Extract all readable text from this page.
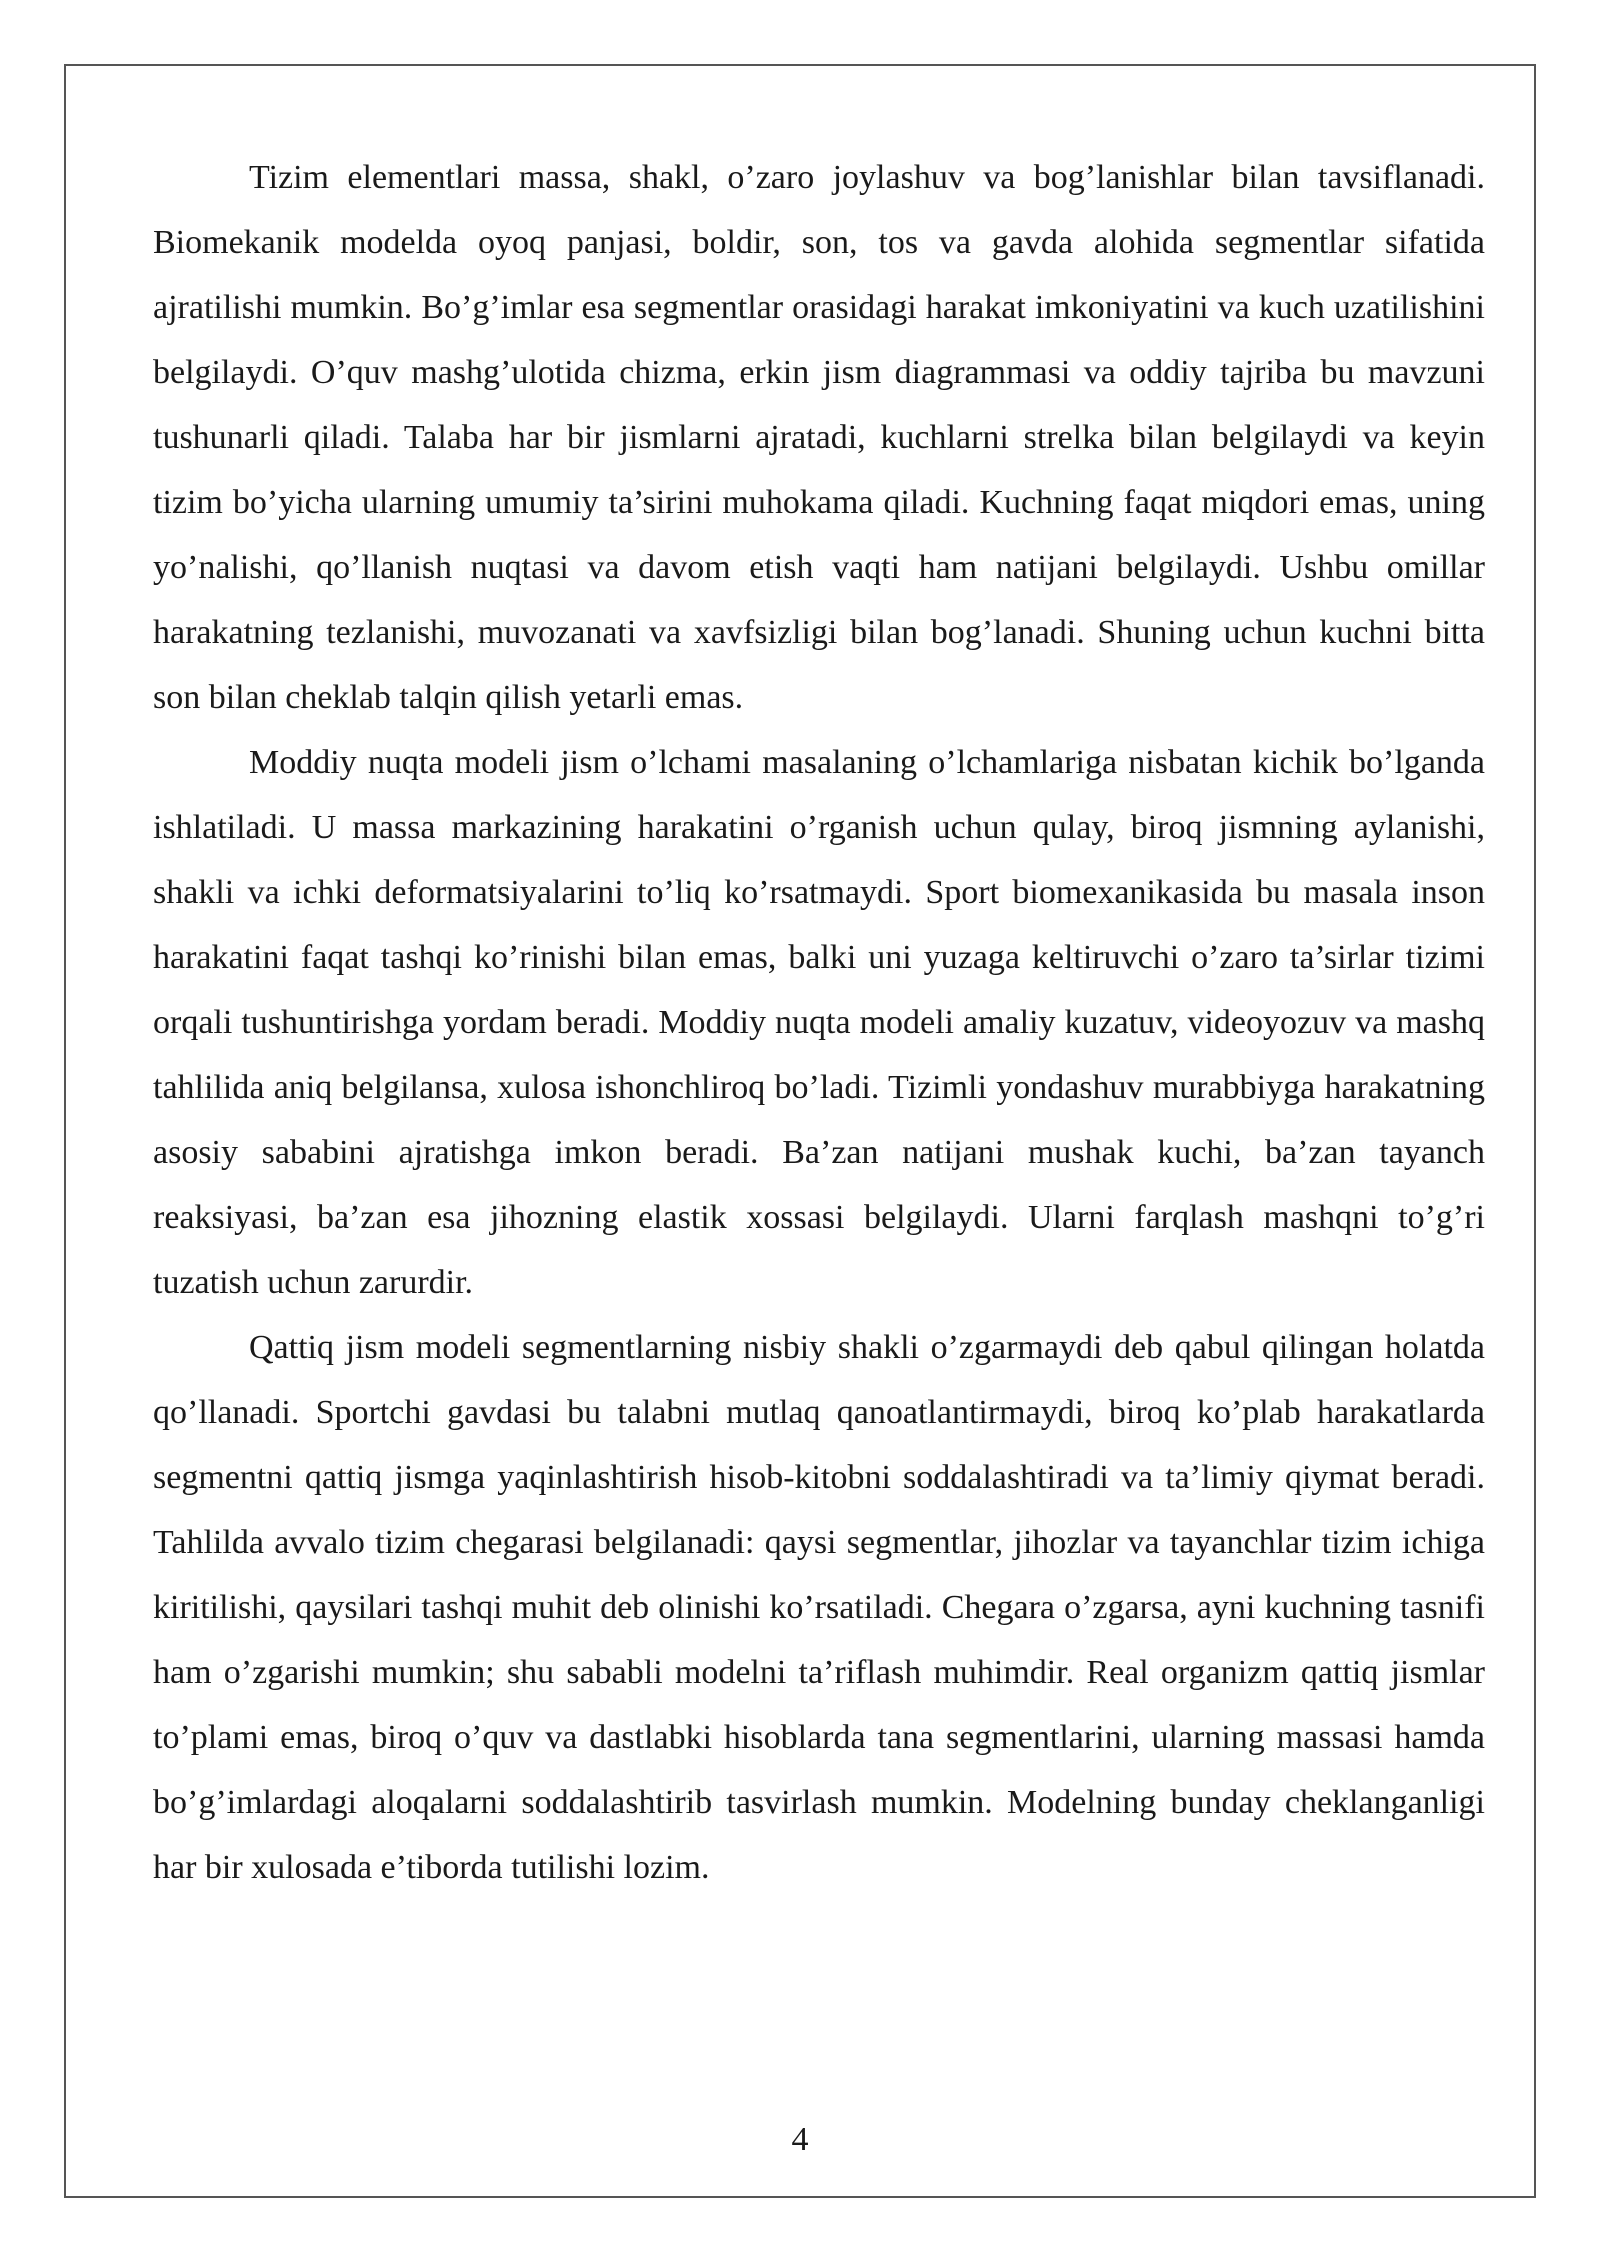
Tizim elementlari massa, shakl, o’zaro joylashuv va bog’lanishlar bilan tavsiflanadi. Biomekanik modelda oyoq panjasi, boldir, son, tos va gavda alohida segmentlar sifatida ajratilishi mumkin. Bo’g’imlar esa segmentlar orasidagi harakat imkoniyatini va kuch uzatilishini belgilaydi. O’quv mashg’ulotida chizma, erkin jism diagrammasi va oddiy tajriba bu mavzuni tushunarli qiladi. Talaba har bir jismlarni ajratadi, kuchlarni strelka bilan belgilaydi va keyin tizim bo’yicha ularning umumiy ta’sirini muhokama qiladi. Kuchning faqat miqdori emas, uning yo’nalishi, qo’llanish nuqtasi va davom etish vaqti ham natijani belgilaydi. Ushbu omillar harakatning tezlanishi, muvozanati va xavfsizligi bilan bog’lanadi. Shuning uchun kuchni bitta son bilan cheklab talqin qilish yetarli emas.

Moddiy nuqta modeli jism o’lchami masalaning o’lchamlariga nisbatan kichik bo’lganda ishlatiladi. U massa markazining harakatini o’rganish uchun qulay, biroq jismning aylanishi, shakli va ichki deformatsiyalarini to’liq ko’rsatmaydi. Sport biomexanikasida bu masala inson harakatini faqat tashqi ko’rinishi bilan emas, balki uni yuzaga keltiruvchi o’zaro ta’sirlar tizimi orqali tushuntirishga yordam beradi. Moddiy nuqta modeli amaliy kuzatuv, videoyozuv va mashq tahlilida aniq belgilansa, xulosa ishonchliroq bo’ladi. Tizimli yondashuv murabbiyga harakatning asosiy sababini ajratishga imkon beradi. Ba’zan natijani mushak kuchi, ba’zan tayanch reaksiyasi, ba’zan esa jihozning elastik xossasi belgilaydi. Ularni farqlash mashqni to’g’ri tuzatish uchun zarurdir.

Qattiq jism modeli segmentlarning nisbiy shakli o’zgarmaydi deb qabul qilingan holatda qo’llanadi. Sportchi gavdasi bu talabni mutlaq qanoatlantirmaydi, biroq ko’plab harakatlarda segmentni qattiq jismga yaqinlashtirish hisob-kitobni soddalashtiradi va ta’limiy qiymat beradi. Tahlilda avvalo tizim chegarasi belgilanadi: qaysi segmentlar, jihozlar va tayanchlar tizim ichiga kiritilishi, qaysilari tashqi muhit deb olinishi ko’rsatiladi. Chegara o’zgarsa, ayni kuchning tasnifi ham o’zgarishi mumkin; shu sababli modelni ta’riflash muhimdir. Real organizm qattiq jismlar to’plami emas, biroq o’quv va dastlabki hisoblarda tana segmentlarini, ularning massasi hamda bo’g’imlardagi aloqalarni soddalashtirib tasvirlash mumkin. Modelning bunday cheklanganligi har bir xulosada e’tiborda tutilishi lozim.

4
